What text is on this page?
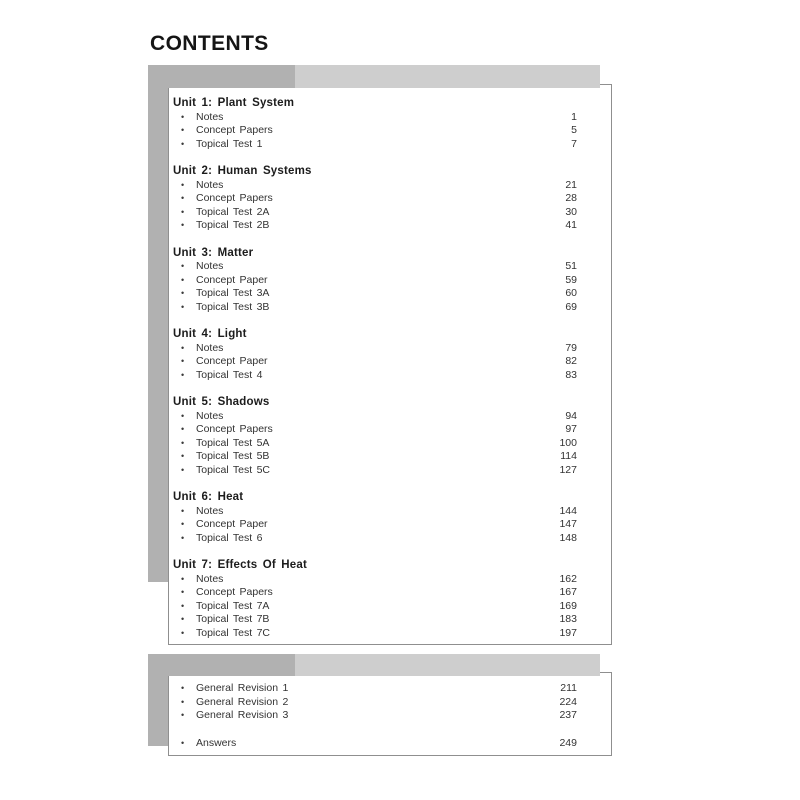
CONTENTS
Unit 1: Plant System
•	Notes	1
•	Concept Papers	5
•	Topical Test 1	7
Unit 2: Human Systems
•	Notes	21
•	Concept Papers	28
•	Topical Test 2A	30
•	Topical Test 2B	41
Unit 3: Matter
•	Notes	51
•	Concept Paper	59
•	Topical Test 3A	60
•	Topical Test 3B	69
Unit 4: Light
•	Notes	79
•	Concept Paper	82
•	Topical Test 4	83
Unit 5: Shadows
•	Notes	94
•	Concept Papers	97
•	Topical Test 5A	100
•	Topical Test 5B	114
•	Topical Test 5C	127
Unit 6: Heat
•	Notes	144
•	Concept Paper	147
•	Topical Test 6	148
Unit 7: Effects Of Heat
•	Notes	162
•	Concept Papers	167
•	Topical Test 7A	169
•	Topical Test 7B	183
•	Topical Test 7C	197
•	General Revision 1	211
•	General Revision 2	224
•	General Revision 3	237
•	Answers	249
